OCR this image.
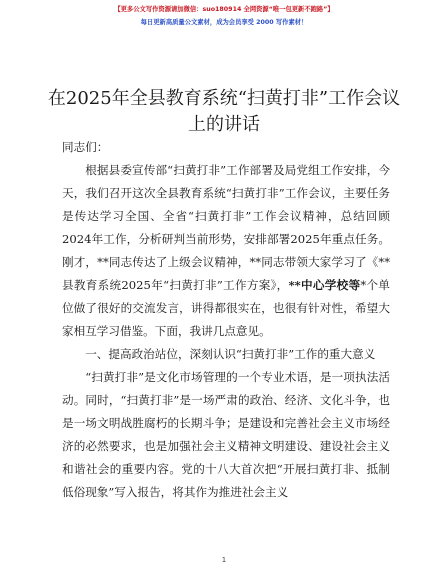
【更多公文写作资源请加微信：suo180914 全网资源“唯一包更新不跑路”】
每日更新高质量公文素材，成为会员享受 2000 写作素材！
在2025年全县教育系统“扫黄打非”工作会议
上的讲话

同志们：

根据县委宣传部“扫黄打非”工作部署及局党组工作安排，今天，我们召开这次全县教育系统“扫黄打非”工作会议，主要任务是传达学习全国、全省“扫黄打非”工作会议精神，总结回顾2024年工作，分析研判当前形势，安排部署2025年重点任务。刚才，**同志传达了上级会议精神，**同志带领大家学习了《**县教育系统2025年“扫黄打非”工作方案》，**中心学校等*个单位做了很好的交流发言，讲得都很实在，也很有针对性，希望大家相互学习借鉴。下面，我讲几点意见。

一、提高政治站位，深刻认识“扫黄打非”工作的重大意义

“扫黄打非”是文化市场管理的一个专业术语，是一项执法活动。同时，“扫黄打非”是一场严肃的政治、经济、文化斗争，也是一场文明战胜腐朽的长期斗争；是建设和完善社会主义市场经济的必然要求，也是加强社会主义精神文明建设、建设社会主义和谐社会的重要内容。党的十八大首次把“开展扫黄打非、抵制低俗现象”写入报告，将其作为推进社会主义

1
